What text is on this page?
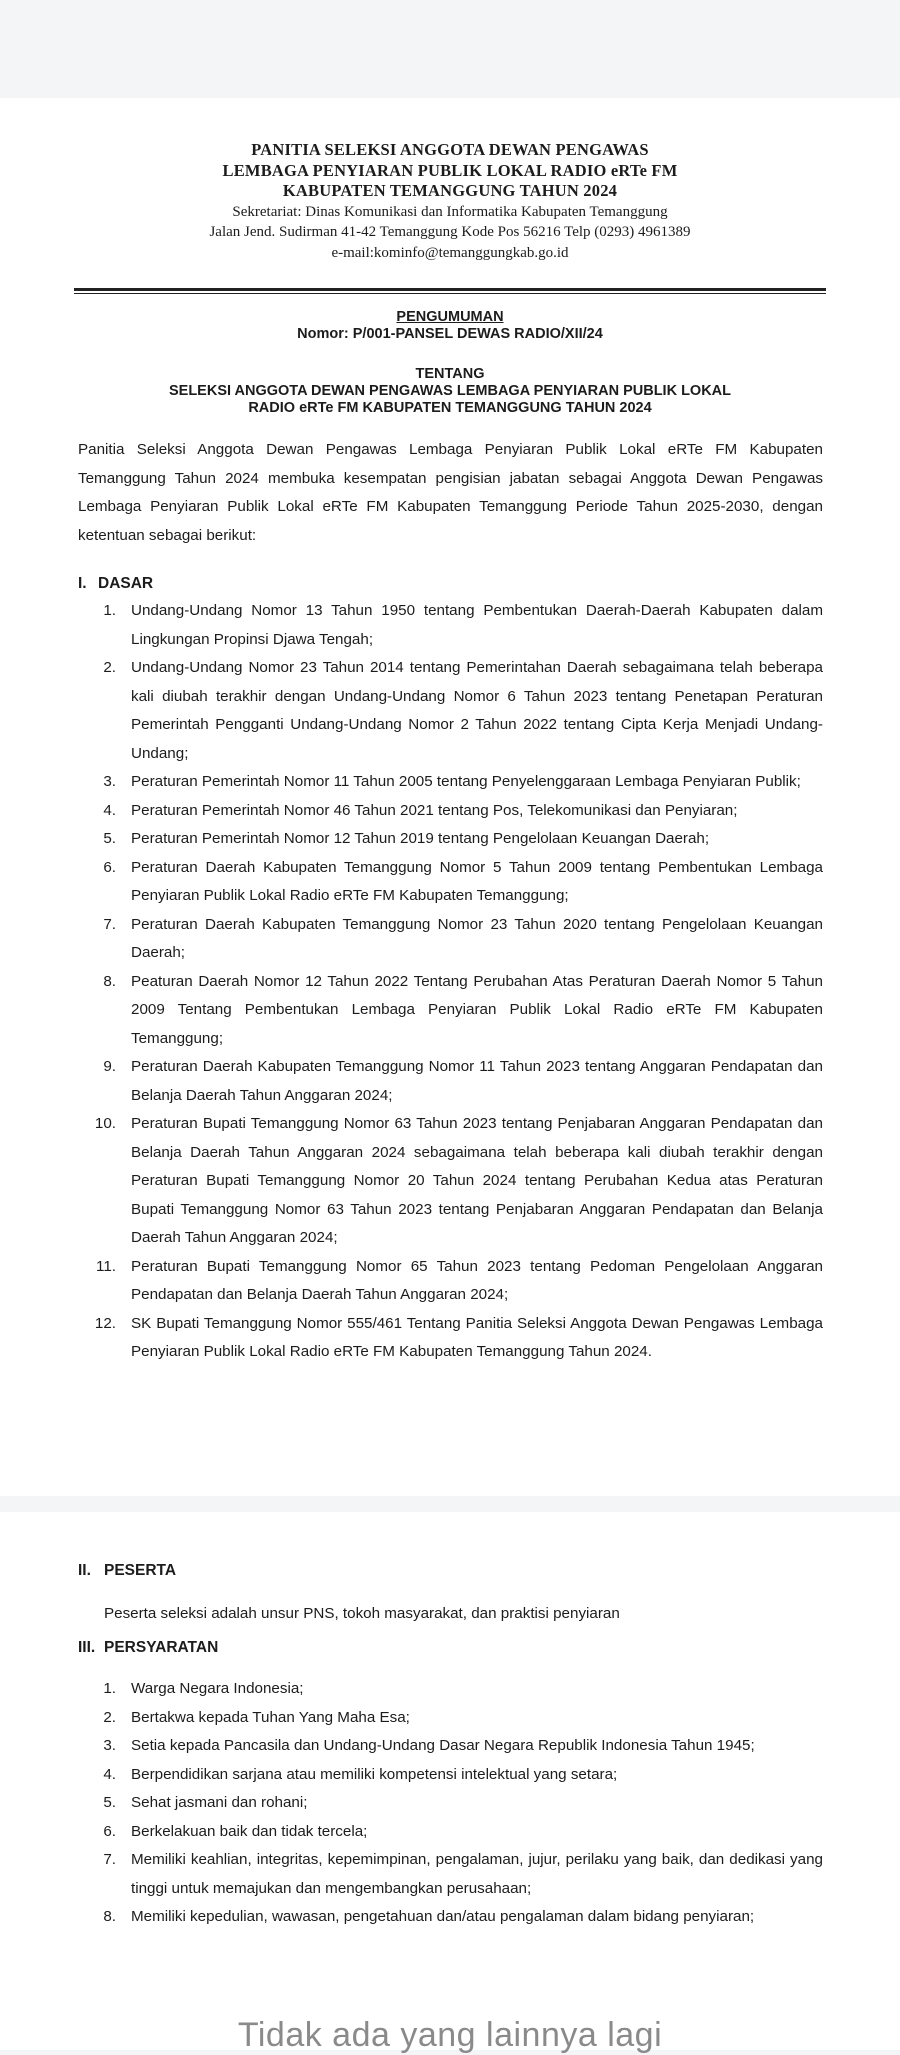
PANITIA SELEKSI ANGGOTA DEWAN PENGAWAS
LEMBAGA PENYIARAN PUBLIK LOKAL RADIO eRTe FM
KABUPATEN TEMANGGUNG TAHUN 2024
Sekretariat: Dinas Komunikasi dan Informatika Kabupaten Temanggung
Jalan Jend. Sudirman 41-42 Temanggung Kode Pos 56216 Telp (0293) 4961389
e-mail:kominfo@temanggungkab.go.id
PENGUMUMAN
Nomor: P/001-PANSEL DEWAS RADIO/XII/24
TENTANG
SELEKSI ANGGOTA DEWAN PENGAWAS LEMBAGA PENYIARAN PUBLIK LOKAL
RADIO eRTe FM KABUPATEN TEMANGGUNG TAHUN 2024
Panitia Seleksi Anggota Dewan Pengawas Lembaga Penyiaran Publik Lokal eRTe FM Kabupaten Temanggung Tahun 2024 membuka kesempatan pengisian jabatan sebagai Anggota Dewan Pengawas Lembaga Penyiaran Publik Lokal eRTe FM Kabupaten Temanggung Periode Tahun 2025-2030, dengan ketentuan sebagai berikut:
I. DASAR
1. Undang-Undang Nomor 13 Tahun 1950 tentang Pembentukan Daerah-Daerah Kabupaten dalam Lingkungan Propinsi Djawa Tengah;
2. Undang-Undang Nomor 23 Tahun 2014 tentang Pemerintahan Daerah sebagaimana telah beberapa kali diubah terakhir dengan Undang-Undang Nomor 6 Tahun 2023 tentang Penetapan Peraturan Pemerintah Pengganti Undang-Undang Nomor 2 Tahun 2022 tentang Cipta Kerja Menjadi Undang-Undang;
3. Peraturan Pemerintah Nomor 11 Tahun 2005 tentang Penyelenggaraan Lembaga Penyiaran Publik;
4. Peraturan Pemerintah Nomor 46 Tahun 2021 tentang Pos, Telekomunikasi dan Penyiaran;
5. Peraturan Pemerintah Nomor 12 Tahun 2019 tentang Pengelolaan Keuangan Daerah;
6. Peraturan Daerah Kabupaten Temanggung Nomor 5 Tahun 2009 tentang Pembentukan Lembaga Penyiaran Publik Lokal Radio eRTe FM Kabupaten Temanggung;
7. Peraturan Daerah Kabupaten Temanggung Nomor 23 Tahun 2020 tentang Pengelolaan Keuangan Daerah;
8. Peaturan Daerah Nomor 12 Tahun 2022 Tentang Perubahan Atas Peraturan Daerah Nomor 5 Tahun 2009 Tentang Pembentukan Lembaga Penyiaran Publik Lokal Radio eRTe FM Kabupaten Temanggung;
9. Peraturan Daerah Kabupaten Temanggung Nomor 11 Tahun 2023 tentang Anggaran Pendapatan dan Belanja Daerah Tahun Anggaran 2024;
10. Peraturan Bupati Temanggung Nomor 63 Tahun 2023 tentang Penjabaran Anggaran Pendapatan dan Belanja Daerah Tahun Anggaran 2024 sebagaimana telah beberapa kali diubah terakhir dengan Peraturan Bupati Temanggung Nomor 20 Tahun 2024 tentang Perubahan Kedua atas Peraturan Bupati Temanggung Nomor 63 Tahun 2023 tentang Penjabaran Anggaran Pendapatan dan Belanja Daerah Tahun Anggaran 2024;
11. Peraturan Bupati Temanggung Nomor 65 Tahun 2023 tentang Pedoman Pengelolaan Anggaran Pendapatan dan Belanja Daerah Tahun Anggaran 2024;
12. SK Bupati Temanggung Nomor 555/461 Tentang Panitia Seleksi Anggota Dewan Pengawas Lembaga Penyiaran Publik Lokal Radio eRTe FM Kabupaten Temanggung Tahun 2024.
II. PESERTA
Peserta seleksi adalah unsur PNS, tokoh masyarakat, dan praktisi penyiaran
III. PERSYARATAN
1. Warga Negara Indonesia;
2. Bertakwa kepada Tuhan Yang Maha Esa;
3. Setia kepada Pancasila dan Undang-Undang Dasar Negara Republik Indonesia Tahun 1945;
4. Berpendidikan sarjana atau memiliki kompetensi intelektual yang setara;
5. Sehat jasmani dan rohani;
6. Berkelakuan baik dan tidak tercela;
7. Memiliki keahlian, integritas, kepemimpinan, pengalaman, jujur, perilaku yang baik, dan dedikasi yang tinggi untuk memajukan dan mengembangkan perusahaan;
8. Memiliki kepedulian, wawasan, pengetahuan dan/atau pengalaman dalam bidang penyiaran;
Tidak ada yang lainnya lagi
